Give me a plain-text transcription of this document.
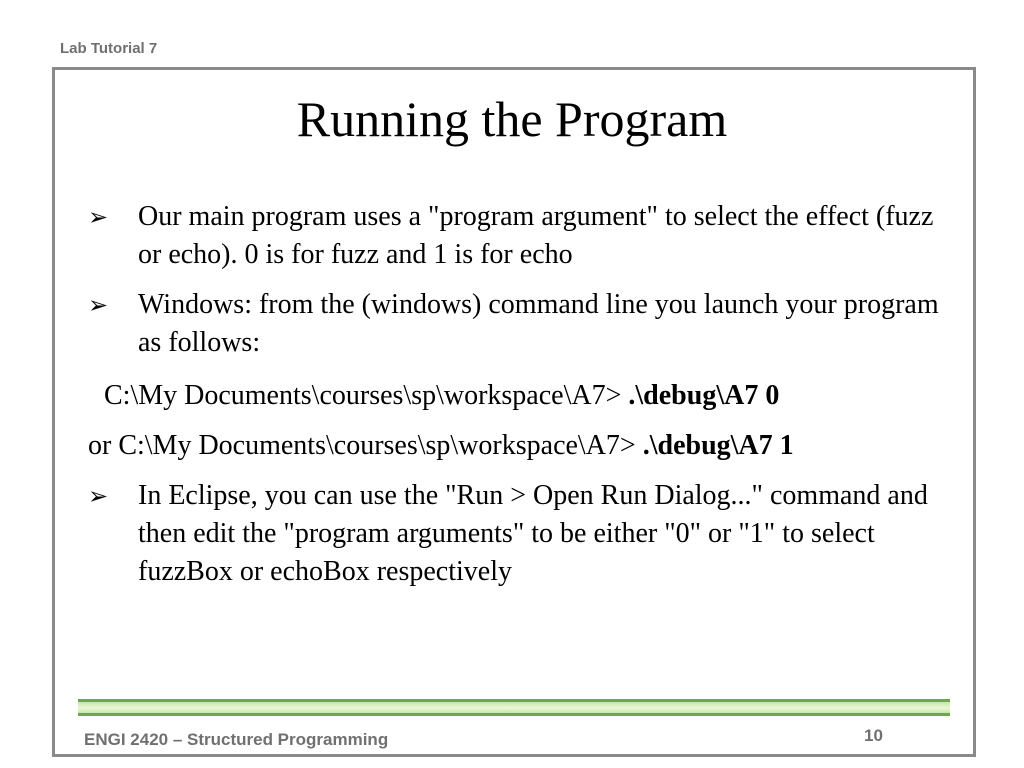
Lab Tutorial 7
Running the Program
➢ Our main program uses a "program argument" to select the effect (fuzz or echo). 0 is for fuzz and 1 is for echo
➢ Windows: from the (windows) command line you launch your program as follows:
C:\My Documents\courses\sp\workspace\A7> .\debug\A7 0
or C:\My Documents\courses\sp\workspace\A7> .\debug\A7 1
➢ In Eclipse, you can use the "Run > Open Run Dialog..." command and then edit the "program arguments" to be either "0" or "1" to select fuzzBox or echoBox respectively
ENGI 2420 – Structured Programming	10
